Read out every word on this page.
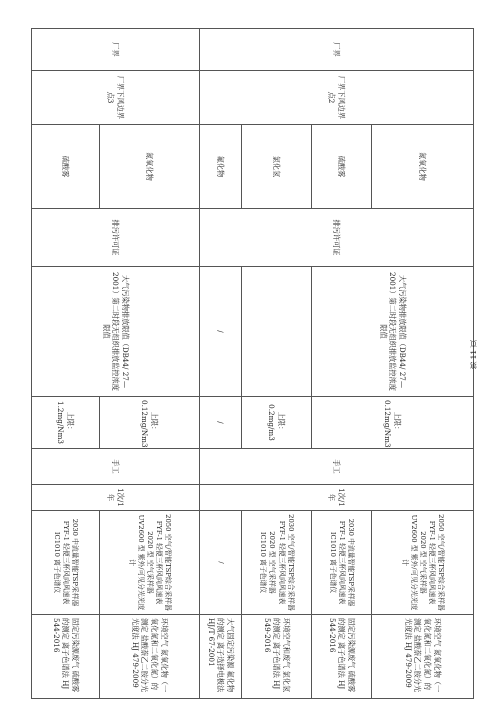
厂界	厂界下风边界点2	氮氧化物	排污许可证	大气污染物排放限值（DB44/ 27—2001）第二时段无组织排放监控浓度限值	上限：0.12mg/Nm3	手工	1次/1年	2050 空气/智能TSP综合采样器
FYF-1 轻便三杯风向风速表
2020 型 空气采样器
UV2600 型 紫外/可见分光光度计	环境空气 氮氧化物（一氧化氮和二氧化氮）的测定 盐酸萘乙二胺分光光度法 HJ 479-2009
		硫酸雾						2030 中流量智能TSP采样器
FYF-1 轻便三杯风向风速表
IC1010 离子色谱仪	固定污染源废气 硫酸雾的测定 离子色谱法 HJ 544-2016
		氯化氢			上限：0.2mg/m3			2030 空气/智能TSP综合采样器
FYF-1 轻便三杯风向风速表
2020 型 空气采样器
IC1010 离子色谱仪	环境空气和废气 氯化氢的测定 离子色谱法 HJ 549-2016
		氟化物		/	/			/	大气固定污染源 氟化物的测定 离子选择电极法 HJ/T 67-2001
厂界	厂界下风边界点3	氮氧化物	排污许可证	大气污染物排放限值（DB44/ 27—2001）第二时段无组织排放监控浓度限值	上限：0.12mg/Nm3	手工	1次/1年	2050 空气/智能TSP综合采样器
FYF-1 轻便三杯风向风速表
2020 型 空气采样器
UV2600 型 紫外/可见分光光度计	环境空气 氮氧化物（一氧化氮和二氧化氮）的测定 盐酸萘乙二胺分光光度法 HJ 479-2009
		硫酸雾			上限：1.2mg/Nm3			2030 中流量智能TSP采样器
FYF-1 轻便三杯风向风速表
IC1010 离子色谱仪	固定污染源废气 硫酸雾的测定 离子色谱法 HJ 544-2016
第 11 页
